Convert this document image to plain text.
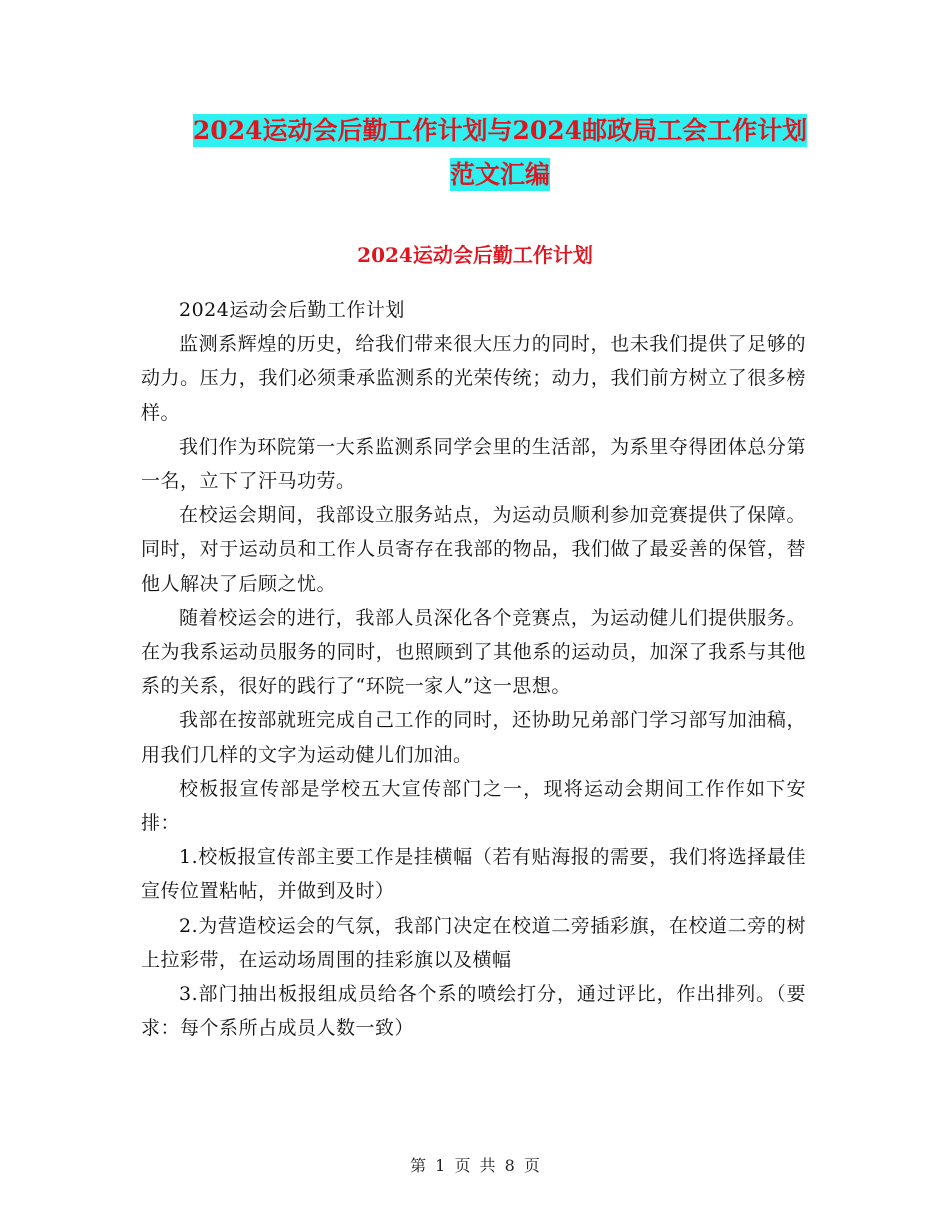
2024运动会后勤工作计划与2024邮政局工会工作计划
范文汇编
2024运动会后勤工作计划

2024运动会后勤工作计划

监测系辉煌的历史，给我们带来很大压力的同时，也未我们提供了足够的动力。压力，我们必须秉承监测系的光荣传统；动力，我们前方树立了很多榜样。

我们作为环院第一大系监测系同学会里的生活部，为系里夺得团体总分第一名，立下了汗马功劳。

在校运会期间，我部设立服务站点，为运动员顺利参加竞赛提供了保障。同时，对于运动员和工作人员寄存在我部的物品，我们做了最妥善的保管，替他人解决了后顾之忧。

随着校运会的进行，我部人员深化各个竞赛点，为运动健儿们提供服务。在为我系运动员服务的同时，也照顾到了其他系的运动员，加深了我系与其他系的关系，很好的践行了“环院一家人”这一思想。

我部在按部就班完成自己工作的同时，还协助兄弟部门学习部写加油稿，用我们几样的文字为运动健儿们加油。

校板报宣传部是学校五大宣传部门之一，现将运动会期间工作作如下安排：

1.校板报宣传部主要工作是挂横幅（若有贴海报的需要，我们将选择最佳宣传位置粘帖，并做到及时）

2.为营造校运会的气氛，我部门决定在校道二旁插彩旗，在校道二旁的树上拉彩带，在运动场周围的挂彩旗以及横幅

3.部门抽出板报组成员给各个系的喷绘打分，通过评比，作出排列。（要求：每个系所占成员人数一致）

第 1 页 共 8 页
